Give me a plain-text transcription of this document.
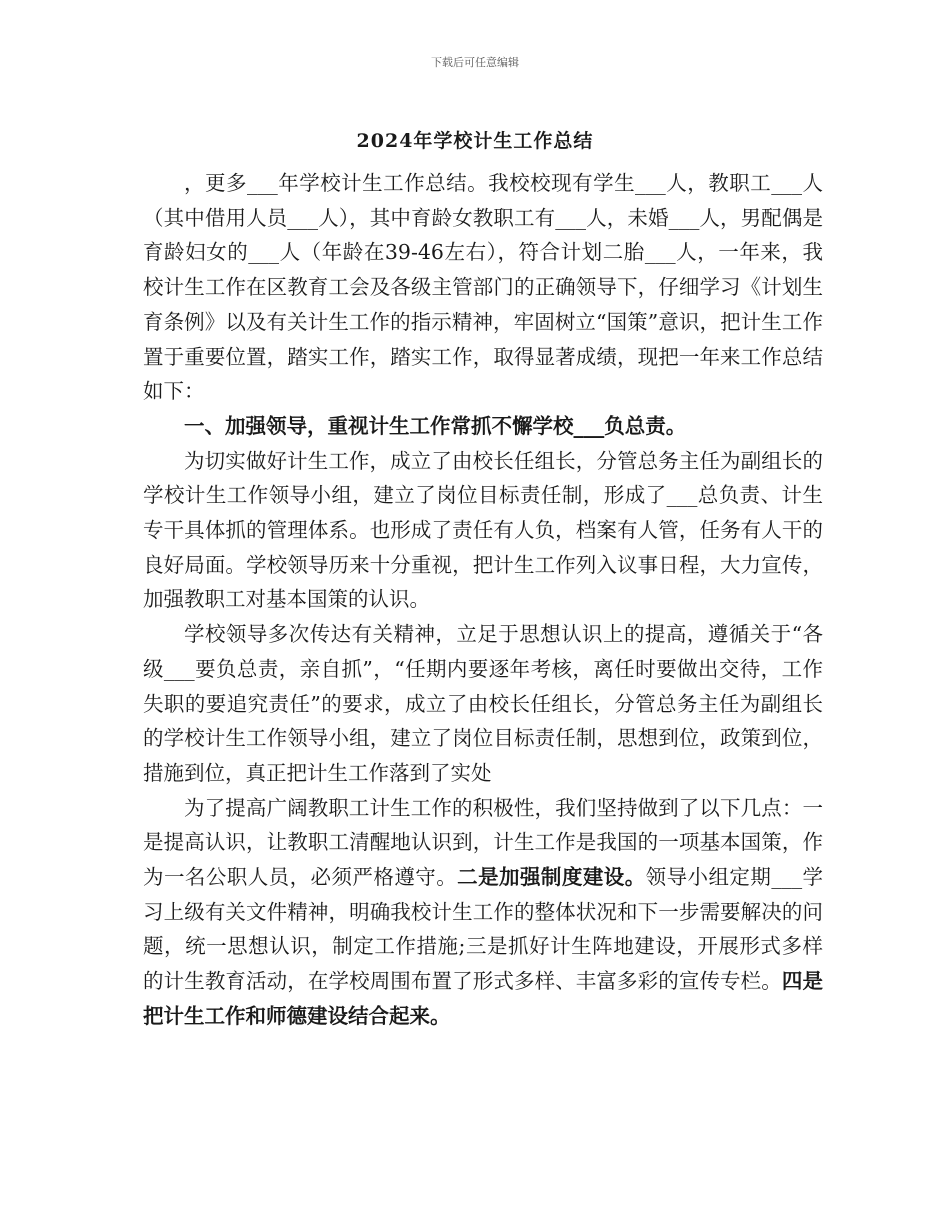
下载后可任意编辑
2024年学校计生工作总结

，更多___年学校计生工作总结。我校校现有学生___人，教职工___人（其中借用人员___人），其中育龄女教职工有___人，未婚___人，男配偶是育龄妇女的___人（年龄在39-46左右），符合计划二胎___人，一年来，我校计生工作在区教育工会及各级主管部门的正确领导下，仔细学习《计划生育条例》以及有关计生工作的指示精神，牢固树立“国策”意识，把计生工作置于重要位置，踏实工作，踏实工作，取得显著成绩，现把一年来工作总结如下：

一、加强领导，重视计生工作常抓不懈学校___负总责。

为切实做好计生工作，成立了由校长任组长，分管总务主任为副组长的学校计生工作领导小组，建立了岗位目标责任制，形成了___总负责、计生专干具体抓的管理体系。也形成了责任有人负，档案有人管，任务有人干的良好局面。学校领导历来十分重视，把计生工作列入议事日程，大力宣传，加强教职工对基本国策的认识。

学校领导多次传达有关精神，立足于思想认识上的提高，遵循关于“各级___要负总责，亲自抓”，“任期内要逐年考核，离任时要做出交待，工作失职的要追究责任”的要求，成立了由校长任组长，分管总务主任为副组长的学校计生工作领导小组，建立了岗位目标责任制，思想到位，政策到位，措施到位，真正把计生工作落到了实处

为了提高广阔教职工计生工作的积极性，我们坚持做到了以下几点：一是提高认识，让教职工清醒地认识到，计生工作是我国的一项基本国策，作为一名公职人员，必须严格遵守。二是加强制度建设。领导小组定期___学习上级有关文件精神，明确我校计生工作的整体状况和下一步需要解决的问题，统一思想认识，制定工作措施;三是抓好计生阵地建设，开展形式多样的计生教育活动，在学校周围布置了形式多样、丰富多彩的宣传专栏。四是把计生工作和师德建设结合起来。
